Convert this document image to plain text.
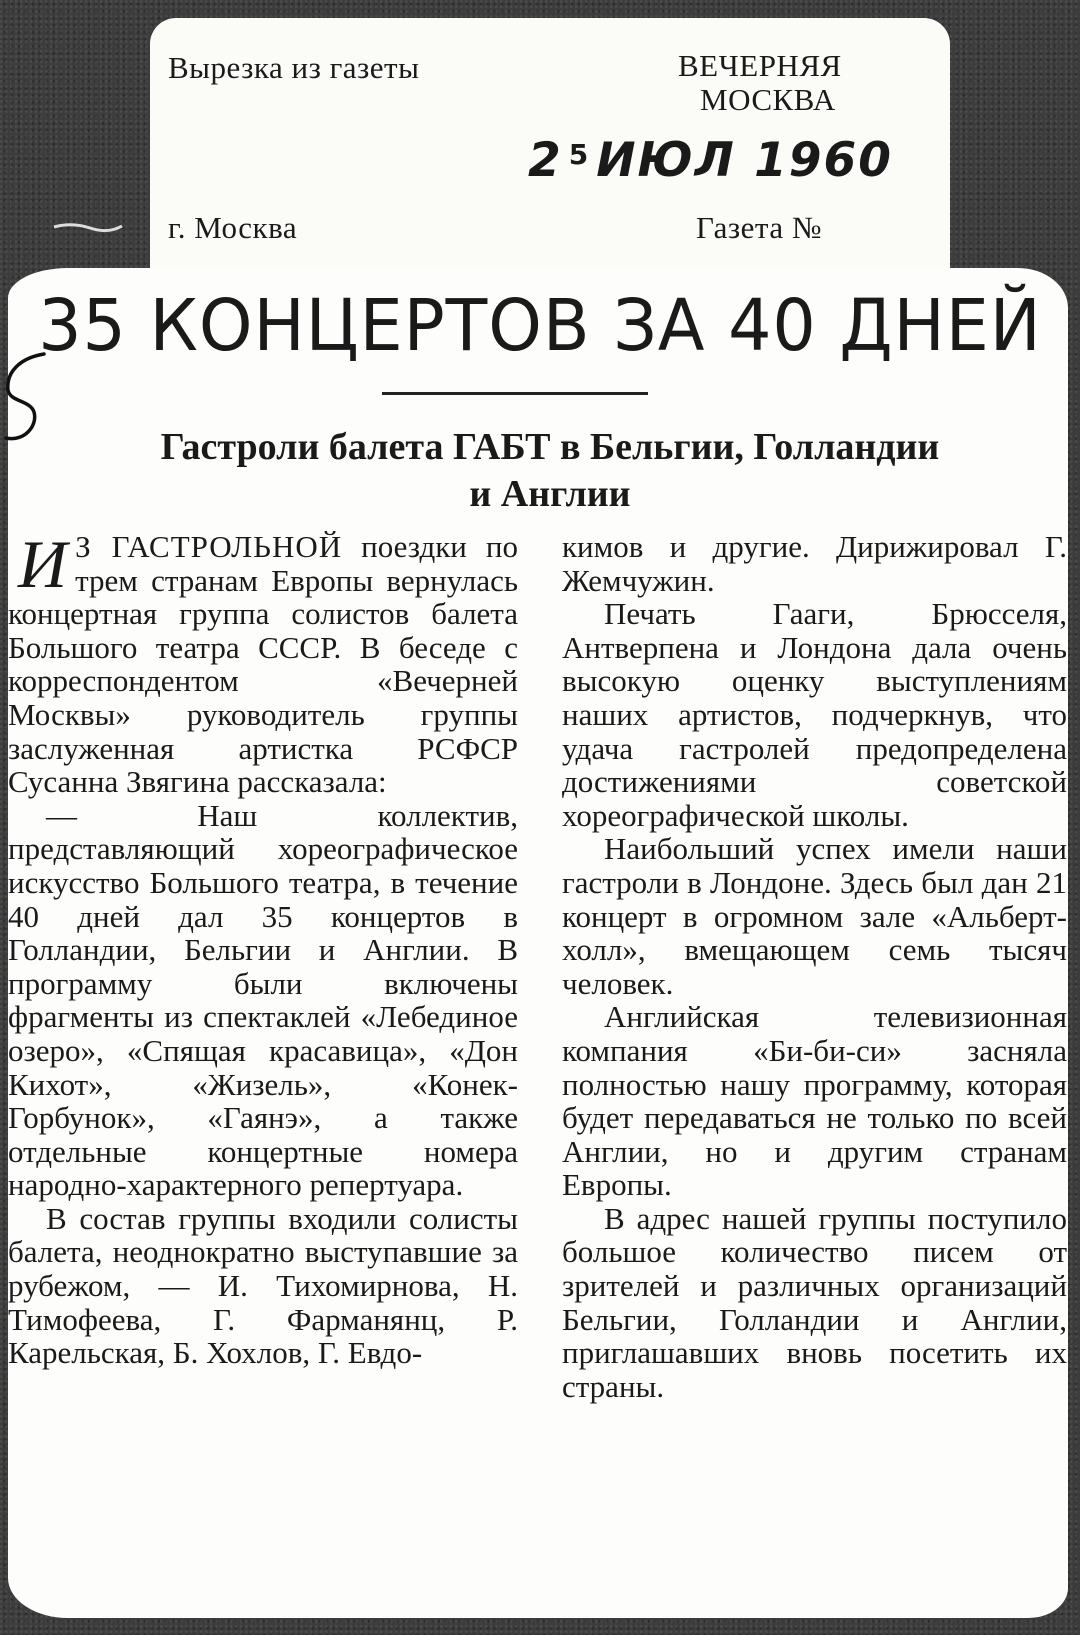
Вырезка из газеты	ВЕЧЕРНЯЯ
МОСКВА
2 $^5$ ИЮЛ 1960
г. Москва	Газета №
35 КОНЦЕРТОВ ЗА 40 ДНЕЙ
Гастроли балета ГАБТ в Бельгии, Голландии
и Англии

И З ГАСТРОЛЬНОЙ поездки по трем странам Европы вернулась концертная группа солистов балета Большого театра СССР. В беседе с корреспондентом «Вечерней Москвы» руководитель группы заслуженная артистка РСФСР Сусанна Звягина рассказала:

— Наш коллектив, представляющий хореографическое искусство Большого театра, в течение 40 дней дал 35 концертов в Голландии, Бельгии и Англии. В программу были включены фрагменты из спектаклей «Лебединое озеро», «Спящая красавица», «Дон Кихот», «Жизель», «Конек-Горбунок», «Гаянэ», а также отдельные концертные номера народно-характерного репертуара.

В состав группы входили солисты балета, неоднократно выступавшие за рубежом, — И. Тихомирнова, Н. Тимофеева, Г. Фарманянц, Р. Карельская, Б. Хохлов, Г. Евдо-

кимов и другие. Дирижировал Г. Жемчужин.

Печать Гааги, Брюсселя, Антверпена и Лондона дала очень высокую оценку выступлениям наших артистов, подчеркнув, что удача гастролей предопределена достижениями советской хореографической школы.

Наибольший успех имели наши гастроли в Лондоне. Здесь был дан 21 концерт в огромном зале «Альберт-холл», вмещающем семь тысяч человек.

Английская телевизионная компания «Би-би-си» засняла полностью нашу программу, которая будет передаваться не только по всей Англии, но и другим странам Европы.

В адрес нашей группы поступило большое количество писем от зрителей и различных организаций Бельгии, Голландии и Англии, приглашавших вновь посетить их страны.
